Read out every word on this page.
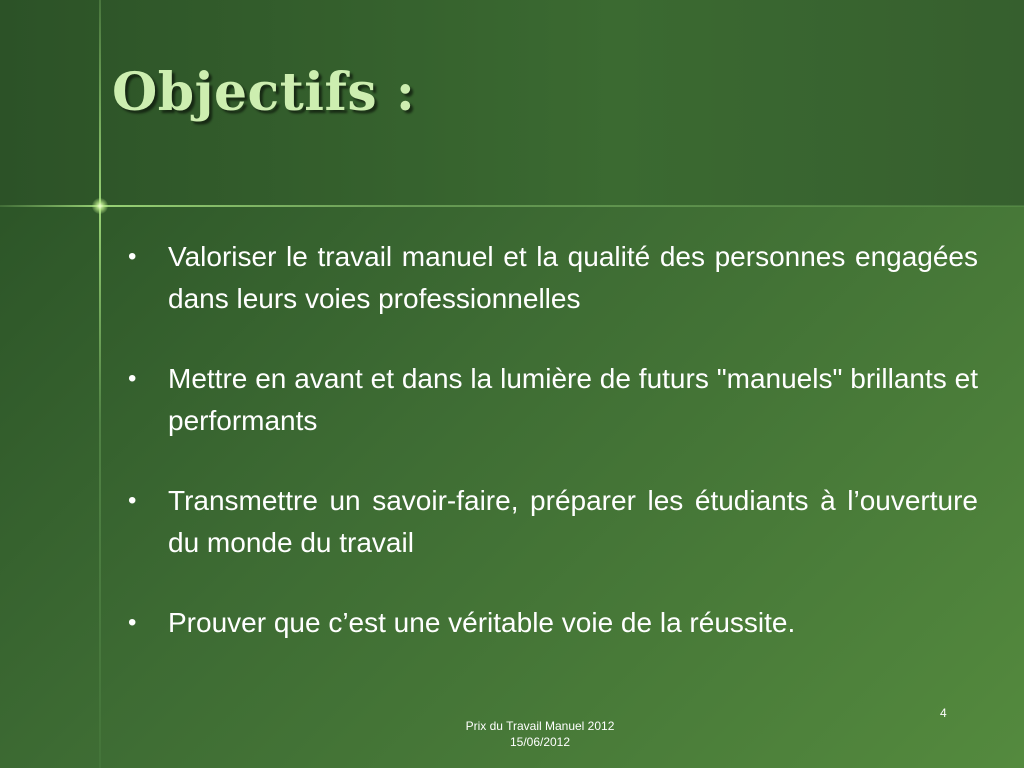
Objectifs :
•	Valoriser le travail manuel et la qualité des personnes engagées dans leurs voies professionnelles
•	Mettre en avant et dans la lumière de futurs "manuels" brillants et performants
•	Transmettre un savoir-faire, préparer les étudiants à l’ouverture du monde du travail
•	Prouver que c’est une véritable voie de la réussite.
Prix du Travail Manuel 2012
15/06/2012
4
